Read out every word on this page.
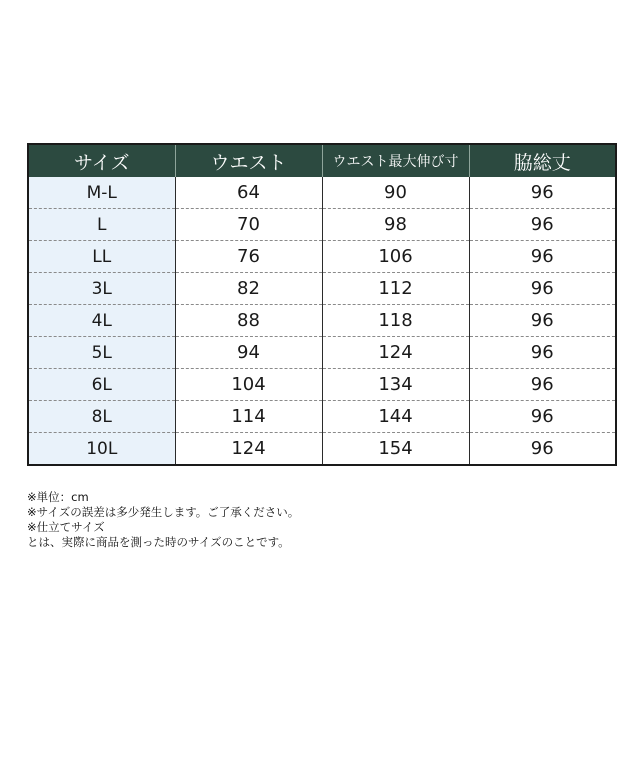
サイズ	ウエスト	ウエスト最大伸び寸	脇総丈
M-L	64	90	96
L	70	98	96
LL	76	106	96
3L	82	112	96
4L	88	118	96
5L	94	124	96
6L	104	134	96
8L	114	144	96
10L	124	154	96
※単位：cm
※サイズの誤差は多少発生します。ご了承ください。
※仕立てサイズ
とは、実際に商品を測った時のサイズのことです。
